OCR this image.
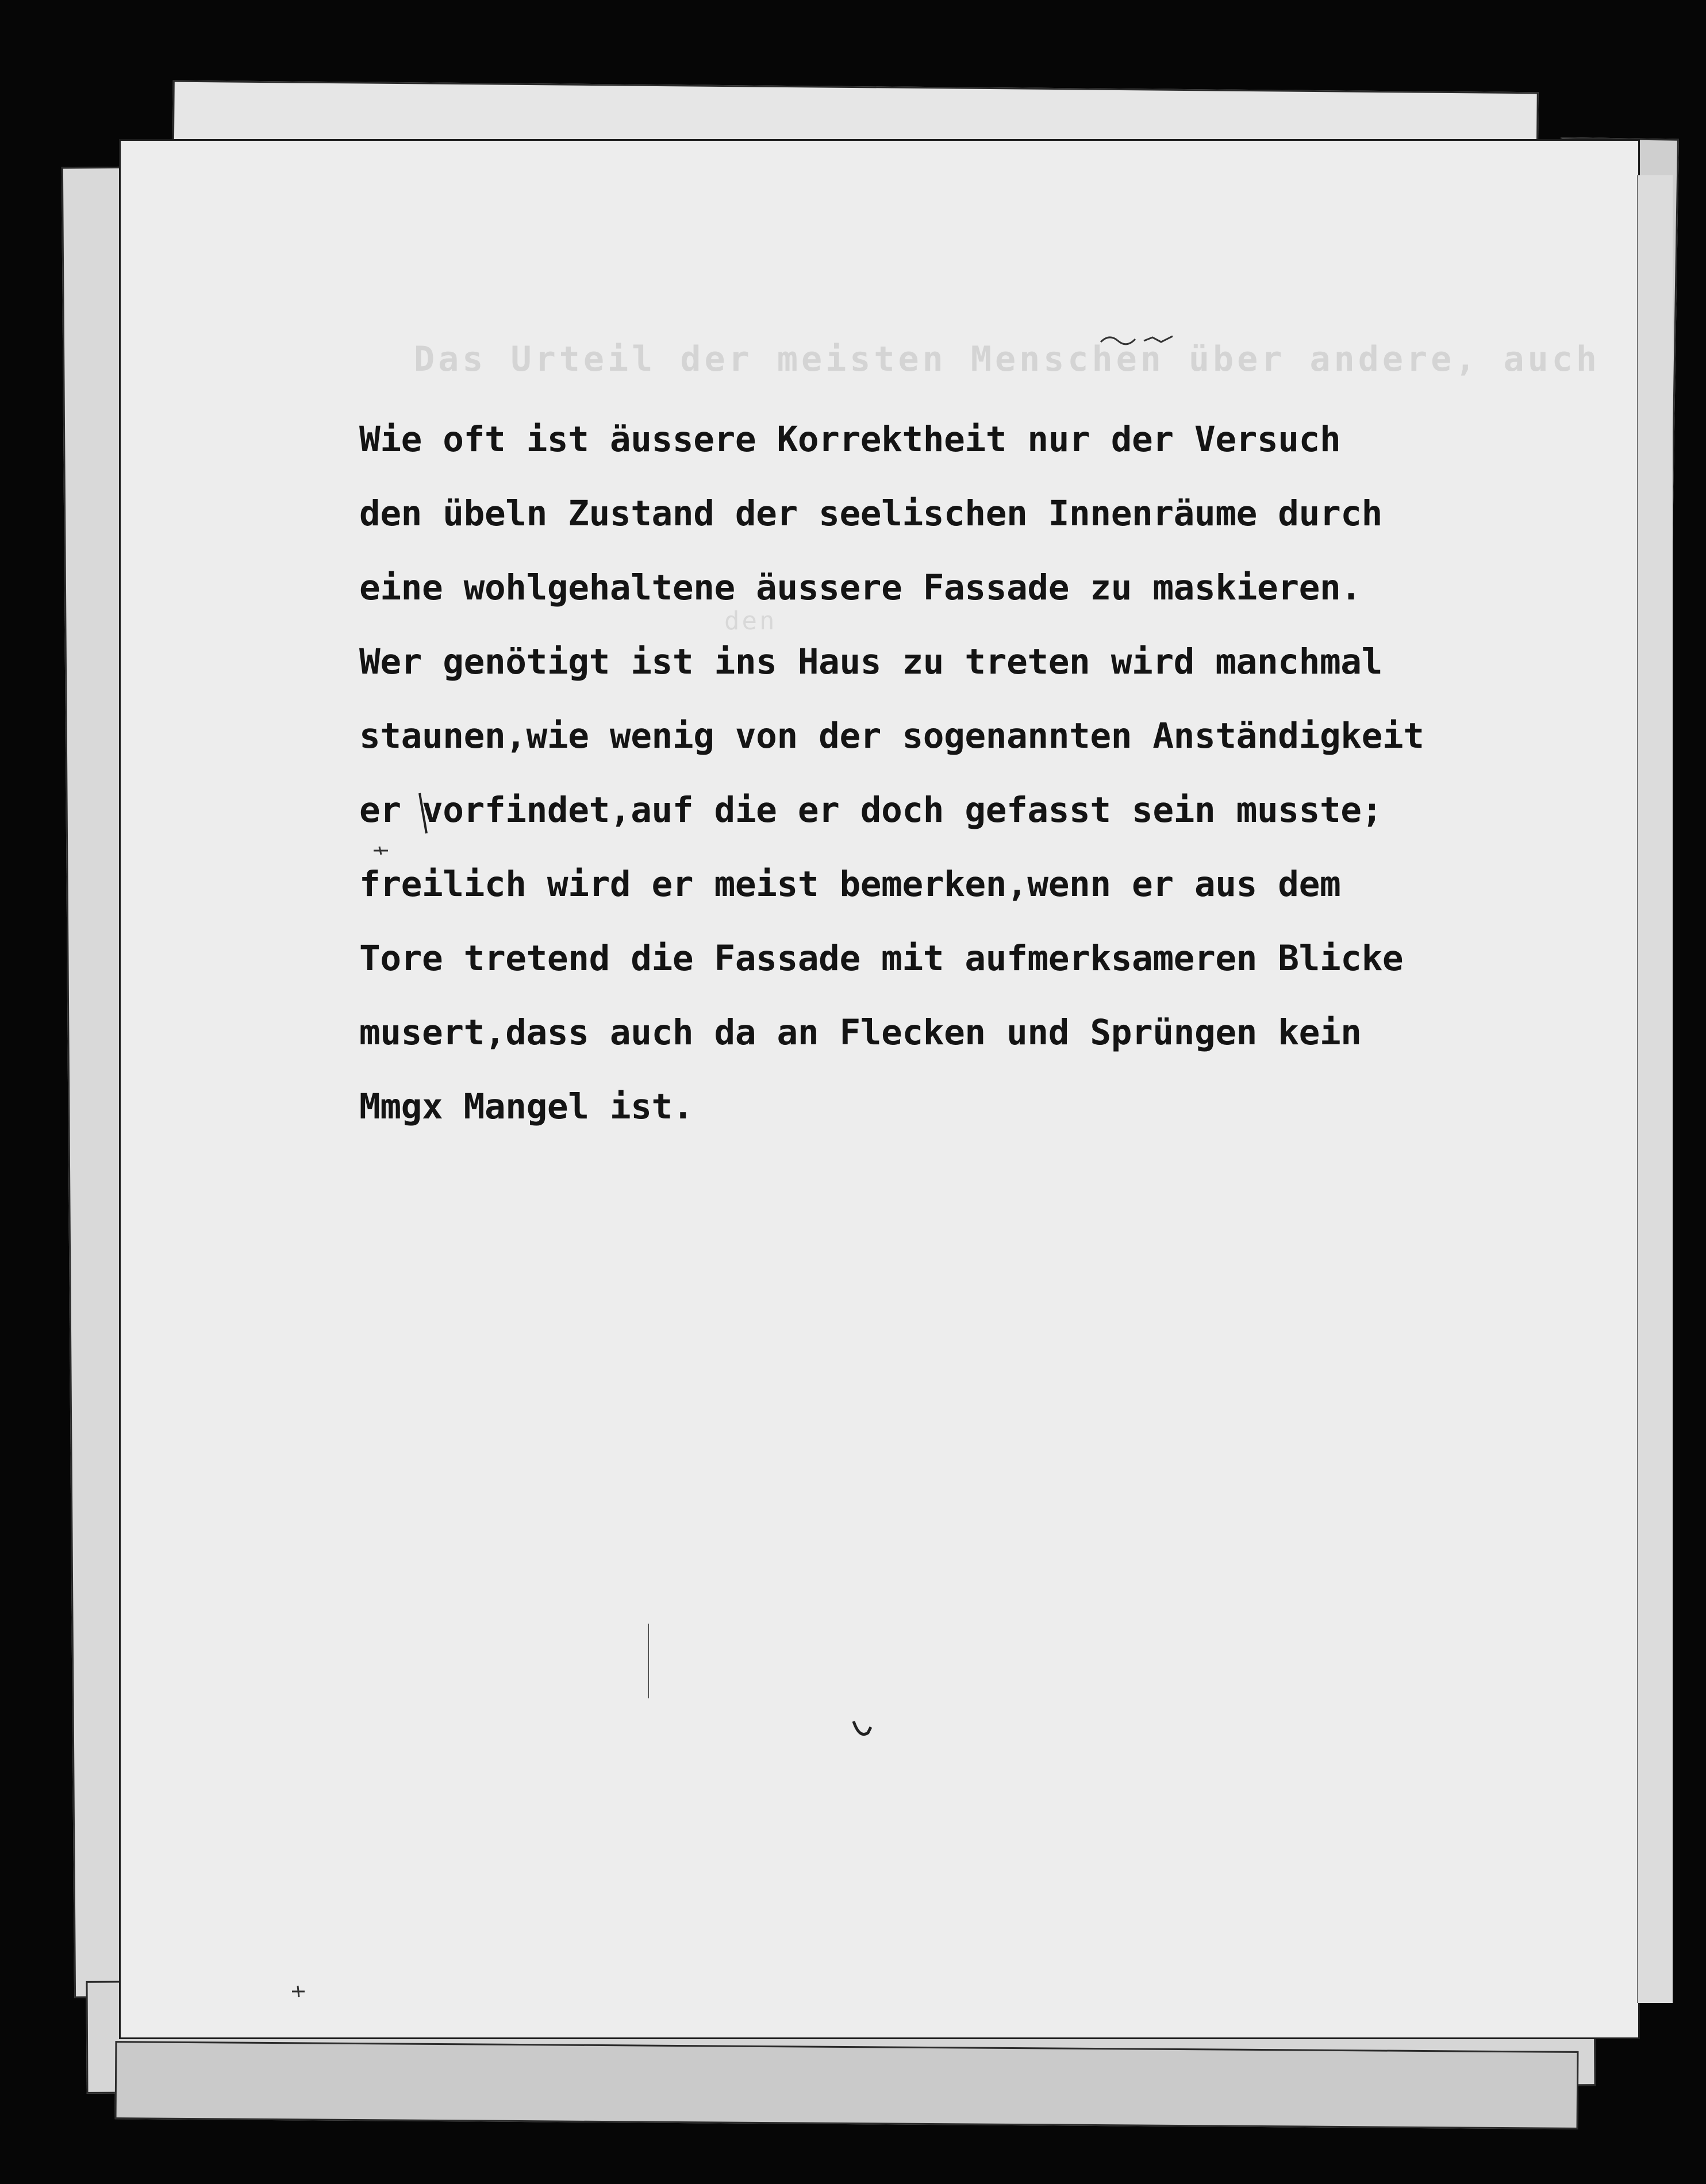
Das Urteil der meisten Menschen über andere, auch
den
Wie oft ist äussere Korrektheit nur der Versuch
den übeln Zustand der seelischen Innenräume durch
eine wohlgehaltene äussere Fassade zu maskieren.
Wer genötigt ist ins Haus zu treten wird manchmal
staunen,wie wenig von der sogenannten Anständigkeit
er vorfindet,auf die er doch gefasst sein musste;
freilich wird er meist bemerken,wenn er aus dem
Tore tretend die Fassade mit aufmerksameren Blicke
musert,dass auch da an Flecken und Sprüngen kein
Mmgx Mangel ist.
